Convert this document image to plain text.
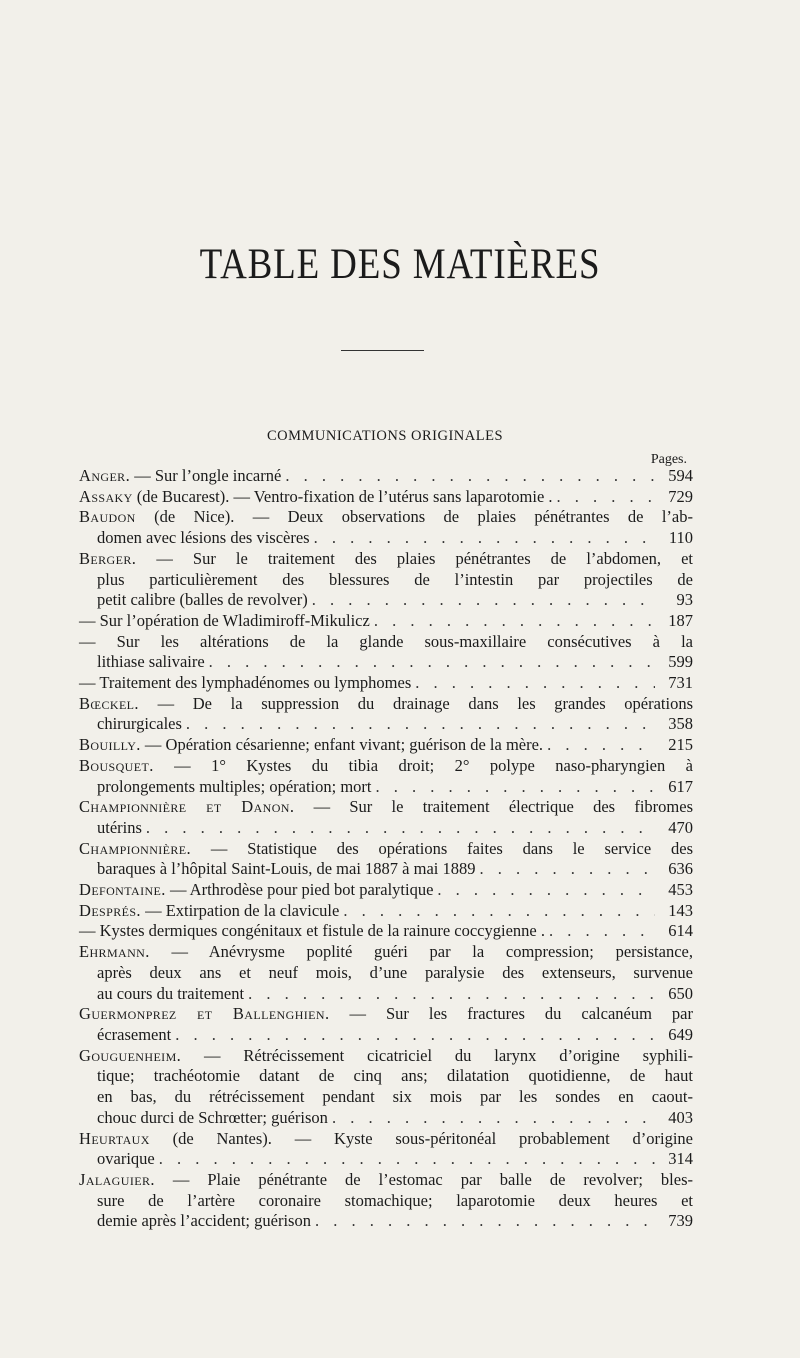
TABLE DES MATIÈRES
COMMUNICATIONS ORIGINALES
Pages.
Anger. — Sur l’ongle incarné . . .	594
Assaky (de Bucarest). — Ventro-fixation de l’utérus sans laparotomie . . . .	729
Baudon (de Nice). — Deux observations de plaies pénétrantes de l’ab-
domen avec lésions des viscères . . .	110
Berger. — Sur le traitement des plaies pénétrantes de l’abdomen, et
plus particulièrement des blessures de l’intestin par projectiles de
petit calibre (balles de revolver) . . .	93
— Sur l’opération de Wladimiroff-Mikulicz . . .	187
— Sur les altérations de la glande sous-maxillaire consécutives à la
lithiase salivaire . . .	599
— Traitement des lymphadénomes ou lymphomes . . .	731
Bœckel. — De la suppression du drainage dans les grandes opérations
chirurgicales . . .	358
Bouilly. — Opération césarienne; enfant vivant; guérison de la mère. . . .	215
Bousquet. — 1° Kystes du tibia droit; 2° polype naso-pharyngien à
prolongements multiples; opération; mort . . .	617
Championnière et Danon. — Sur le traitement électrique des fibromes
utérins . . .	470
Championnière. — Statistique des opérations faites dans le service des
baraques à l’hôpital Saint-Louis, de mai 1887 à mai 1889 . . .	636
Defontaine. — Arthrodèse pour pied bot paralytique . . .	453
Després. — Extirpation de la clavicule . . .	143
— Kystes dermiques congénitaux et fistule de la rainure coccygienne . . . .	614
Ehrmann. — Anévrysme poplité guéri par la compression; persistance,
après deux ans et neuf mois, d’une paralysie des extenseurs, survenue
au cours du traitement . . .	650
Guermonprez et Ballenghien. — Sur les fractures du calcanéum par
écrasement . . .	649
Gouguenheim. — Rétrécissement cicatriciel du larynx d’origine syphili-
tique; trachéotomie datant de cinq ans; dilatation quotidienne, de haut
en bas, du rétrécissement pendant six mois par les sondes en caout-
chouc durci de Schrœtter; guérison . . .	403
Heurtaux (de Nantes). — Kyste sous-péritonéal probablement d’origine
ovarique . . .	314
Jalaguier. — Plaie pénétrante de l’estomac par balle de revolver; bles-
sure de l’artère coronaire stomachique; laparotomie deux heures et
demie après l’accident; guérison . . .	739
